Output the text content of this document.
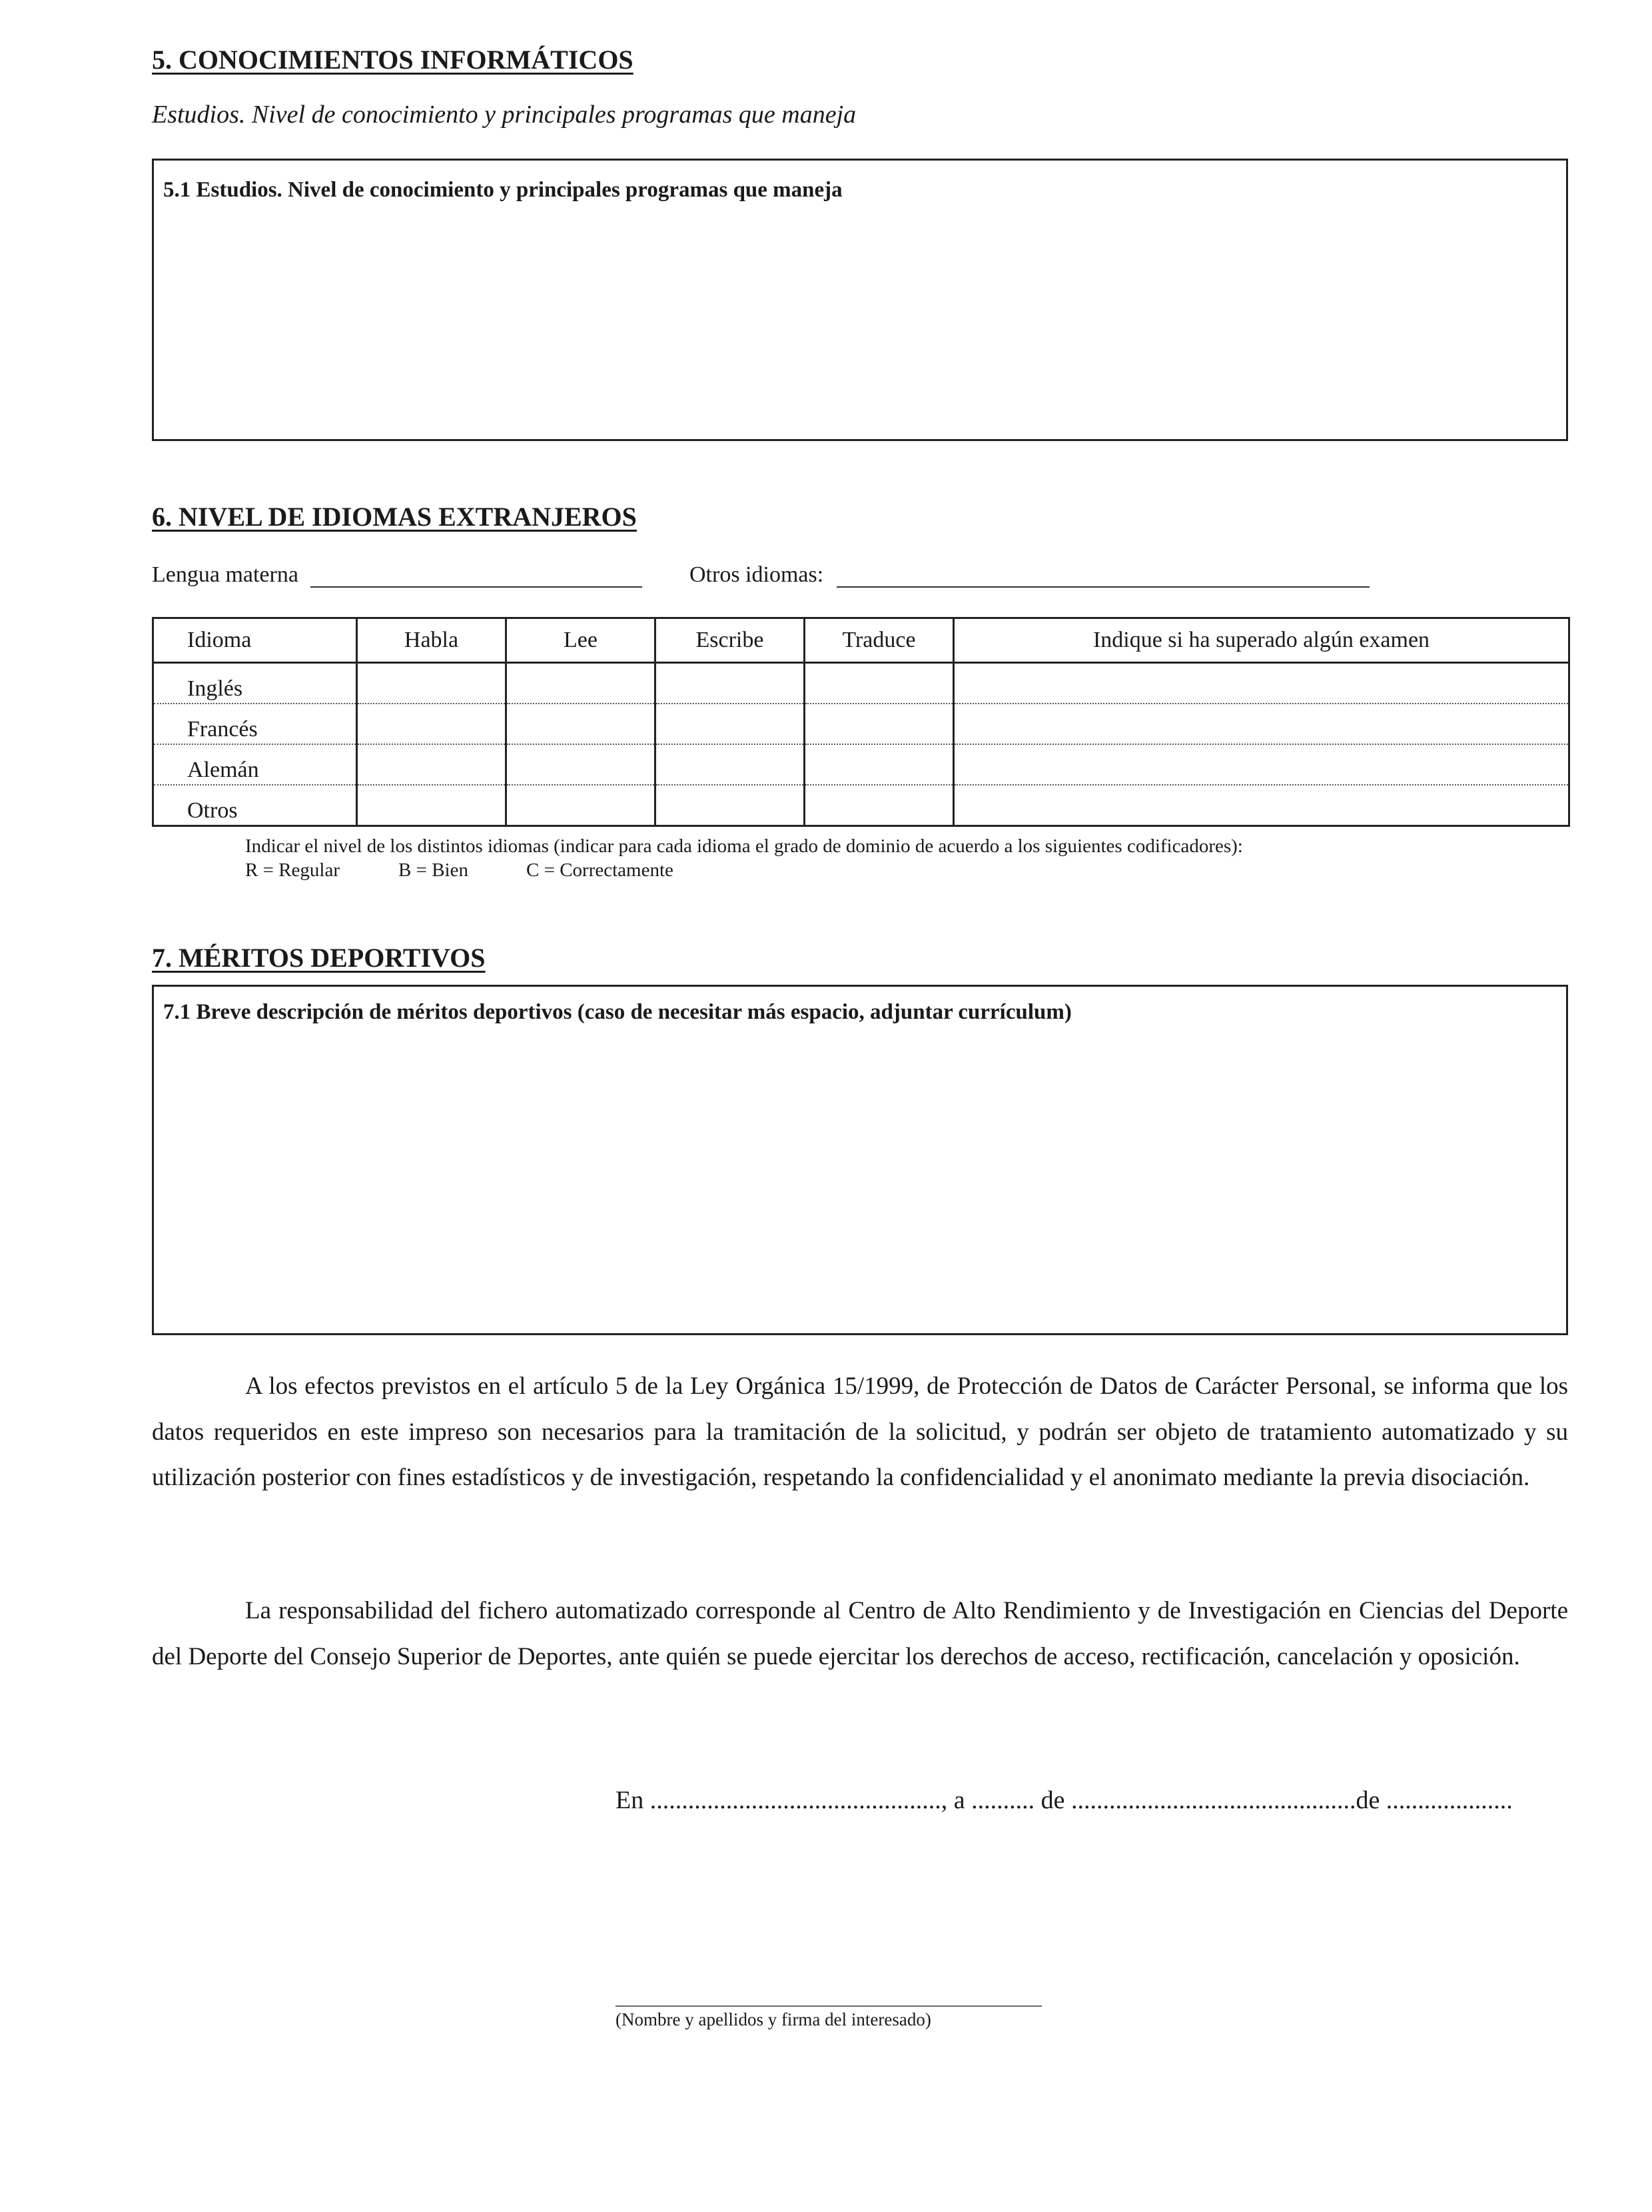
5. CONOCIMIENTOS INFORMÁTICOS
Estudios. Nivel de conocimiento y principales programas que maneja
5.1 Estudios. Nivel de conocimiento y principales programas que maneja
6. NIVEL DE IDIOMAS EXTRANJEROS
Lengua materna	Otros idiomas:
Idioma	Habla	Lee	Escribe	Traduce	Indique si ha superado algún examen
Inglés					
Francés					
Alemán					
Otros					
Indicar el nivel de los distintos idiomas (indicar para cada idioma el grado de dominio de acuerdo a los siguientes codificadores):
R = Regular	B = Bien	C = Correctamente
7. MÉRITOS DEPORTIVOS
7.1 Breve descripción de méritos deportivos (caso de necesitar más espacio, adjuntar currículum)
A los efectos previstos en el artículo 5 de la Ley Orgánica 15/1999, de Protección de Datos de Carácter Personal, se informa que los datos requeridos en este impreso son necesarios para la tramitación de la solicitud, y podrán ser objeto de tratamiento automatizado y su utilización posterior con fines estadísticos y de investigación, respetando la confidencialidad y el anonimato mediante la previa disociación.
La responsabilidad del fichero automatizado corresponde al Centro de Alto Rendimiento y de Investigación en Ciencias del Deporte del Deporte del Consejo Superior de Deportes, ante quién se puede ejercitar los derechos de acceso, rectificación, cancelación y oposición.
En .............................................., a .......... de .............................................de ....................
(Nombre y apellidos y firma del interesado)
